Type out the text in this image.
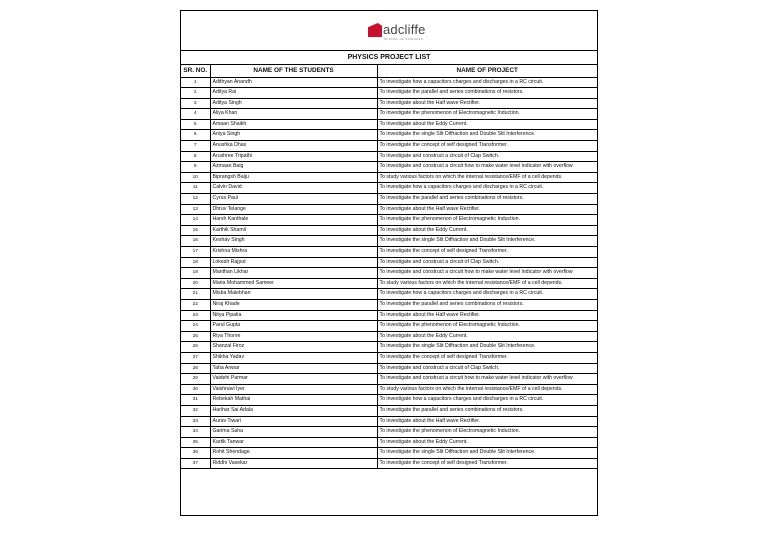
adcliffe
SCHOOL OF SCIENCES
PHYSICS PROJECT LIST
SR. NO.	NAME OF THE STUDENTS	NAME OF PROJECT
1	Adithyan Anandh	To investigate how a capacitors charges and discharges in a RC circuit.
2	Aditya Rai	To investigate the parallel and series combinations of resistors.
3	Aditya Singh	To investigate about the Half wave Rectifier.
4	Aliya Khan	To investigate the phenomenon of Electromagnetic Induction.
5	Amaan Shaikh	To investigate about the Eddy Current.
6	Aniya Singh	To investigate the single Slit Diffraction and Double Slit Interference.
7	Anushka Dhas	To investigate the concept of self designed Transformer.
8	Arushree Tripathi	To investigate and construct a circuit of Clap Switch.
9	Azmaan Baig	To investigate and construct a circuit how to make water level indicator with overflow
10	Biprangsh Baiju	To study various factors on which the internal resistance/EMF of a cell depends.
11	Calvin David	To investigate how a capacitors charges and discharges in a RC circuit.
12	Cyrus Paul	To investigate the parallel and series combinations of resistors.
13	Dhruv Telange	To investigate about the Half wave Rectifier.
14	Harsh Kanthale	To investigate the phenomenon of Electromagnetic Induction.
15	Karthik Shamil	To investigate about the Eddy Current.
16	Keshav Singh	To investigate the single Slit Diffraction and Double Slit Interference.
17	Krishna Mishra	To investigate the concept of self designed Transformer.
18	Lokesh Rajput	To investigate and construct a circuit of Clap Switch.
19	Manthan Likhar	To investigate and construct a circuit how to make water level indicator with overflow
20	Maria Mohammed Sameer	To study various factors on which the internal resistance/EMF of a cell depends.
21	Misba Malebhari	To investigate how a capacitors charges and discharges in a RC circuit.
22	Niraj Khade	To investigate the parallel and series combinations of resistors.
23	Nitya Pipalia	To investigate about the Half wave Rectifier.
24	Parul Gupta	To investigate the phenomenon of Electromagnetic Induction.
25	Riya Thorve	To investigate about the Eddy Current.
26	Shanzal Firoz	To investigate the single Slit Diffraction and Double Slit Interference.
27	Shikha Yadav	To investigate the concept of self designed Transformer.
28	Taha Anwar	To investigate and construct a circuit of Clap Switch.
29	Vaidehi Parmar	To investigate and construct a circuit how to make water level indicator with overflow
30	Vaishnavi Iyer	To study various factors on which the internal resistance/EMF of a cell depends.
31	Rebekah Mathai	To investigate how a capacitors charges and discharges in a RC circuit.
32	Harihar Sai Adala	To investigate the parallel and series combinations of resistors.
33	Aurav Tiwari	To investigate about the Half wave Rectifier.
34	Garima Saha	To investigate the phenomenon of Electromagnetic Induction.
35	Kartik Tanwar	To investigate about the Eddy Current.
36	Rohit Shendage	To investigate the single Slit Diffraction and Double Slit Interference.
37	Riddhi Vasekar	To investigate the concept of self designed Transformer.
